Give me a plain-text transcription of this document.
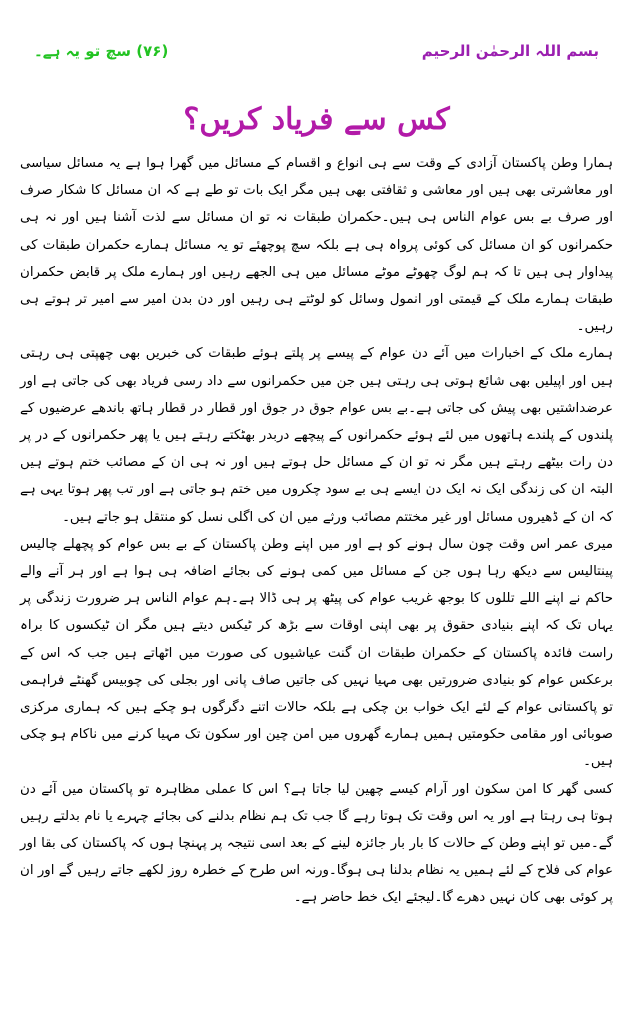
(۷۶) سچ تو یہ ہے۔	بسم اللہ الرحمٰن الرحیم
کس سے فریاد کریں؟

ہمارا وطن پاکستان آزادی کے وقت سے ہی انواع و اقسام کے مسائل میں گھرا ہوا ہے یہ مسائل سیاسی اور معاشرتی بھی ہیں اور معاشی و ثقافتی بھی ہیں مگر ایک بات تو طے ہے کہ ان مسائل کا شکار صرف اور صرف بے بس عوام الناس ہی ہیں۔حکمران طبقات نہ تو ان مسائل سے لذت آشنا ہیں اور نہ ہی حکمرانوں کو ان مسائل کی کوئی پرواہ ہی ہے بلکہ سچ پوچھئے تو یہ مسائل ہمارے حکمران طبقات کی پیداوار ہی ہیں تا کہ ہم لوگ چھوٹے موٹے مسائل میں ہی الجھے رہیں اور ہمارے ملک پر قابض حکمران طبقات ہمارے ملک کے قیمتی اور انمول وسائل کو لوٹتے ہی رہیں اور دن بدن امیر سے امیر تر ہوتے ہی رہیں۔

ہمارے ملک کے اخبارات میں آئے دن عوام کے پیسے پر پلتے ہوئے طبقات کی خبریں بھی چھپتی ہی رہتی ہیں اور اپیلیں بھی شائع ہوتی ہی رہتی ہیں جن میں حکمرانوں سے داد رسی فریاد بھی کی جاتی ہے اور عرضداشتیں بھی پیش کی جاتی ہے۔بے بس عوام جوق در جوق اور قطار در قطار ہاتھ باندھے عرضیوں کے پلندوں کے پلندے ہاتھوں میں لئے ہوئے حکمرانوں کے پیچھے دربدر بھٹکتے رہتے ہیں یا پھر حکمرانوں کے در پر دن رات بیٹھے رہتے ہیں مگر نہ تو ان کے مسائل حل ہوتے ہیں اور نہ ہی ان کے مصائب ختم ہوتے ہیں البتہ ان کی زندگی ایک نہ ایک دن ایسے ہی بے سود چکروں میں ختم ہو جاتی ہے اور تب پھر ہوتا یہی ہے کہ ان کے ڈھیروں مسائل اور غیر مختتم مصائب ورثے میں ان کی اگلی نسل کو منتقل ہو جاتے ہیں۔

میری عمر اس وقت چون سال ہونے کو ہے اور میں اپنے وطن پاکستان کے بے بس عوام کو پچھلے چالیس پینتالیس سے دیکھ رہا ہوں جن کے مسائل میں کمی ہونے کی بجائے اضافہ ہی ہوا ہے اور ہر آنے والے حاکم نے اپنے اللے تللوں کا بوجھ غریب عوام کی پیٹھ پر ہی ڈالا ہے۔ہم عوام الناس ہر ضرورت زندگی پر یہاں تک کہ اپنے بنیادی حقوق پر بھی اپنی اوقات سے بڑھ کر ٹیکس دیتے ہیں مگر ان ٹیکسوں کا براہ راست فائدہ پاکستان کے حکمران طبقات ان گنت عیاشیوں کی صورت میں اٹھاتے ہیں جب کہ اس کے برعکس عوام کو بنیادی ضرورتیں بھی مہیا نہیں کی جاتیں صاف پانی اور بجلی کی چوبیس گھنٹے فراہمی تو پاکستانی عوام کے لئے ایک خواب بن چکی ہے بلکہ حالات اتنے دگرگوں ہو چکے ہیں کہ ہماری مرکزی صوبائی اور مقامی حکومتیں ہمیں ہمارے گھروں میں امن چین اور سکون تک مہیا کرنے میں ناکام ہو چکی ہیں۔

کسی گھر کا امن سکون اور آرام کیسے چھین لیا جاتا ہے؟ اس کا عملی مظاہرہ تو پاکستان میں آئے دن ہوتا ہی رہتا ہے اور یہ اس وقت تک ہوتا رہے گا جب تک ہم نظام بدلنے کی بجائے چہرے یا نام بدلتے رہیں گے۔میں تو اپنے وطن کے حالات کا بار بار جائزہ لینے کے بعد اسی نتیجہ پر پہنچا ہوں کہ پاکستان کی بقا اور عوام کی فلاح کے لئے ہمیں یہ نظام بدلنا ہی ہوگا۔ورنہ اس طرح کے خطرہ روز لکھے جاتے رہیں گے اور ان پر کوئی بھی کان نہیں دھرے گا۔لیجئے ایک خط حاضر ہے۔
